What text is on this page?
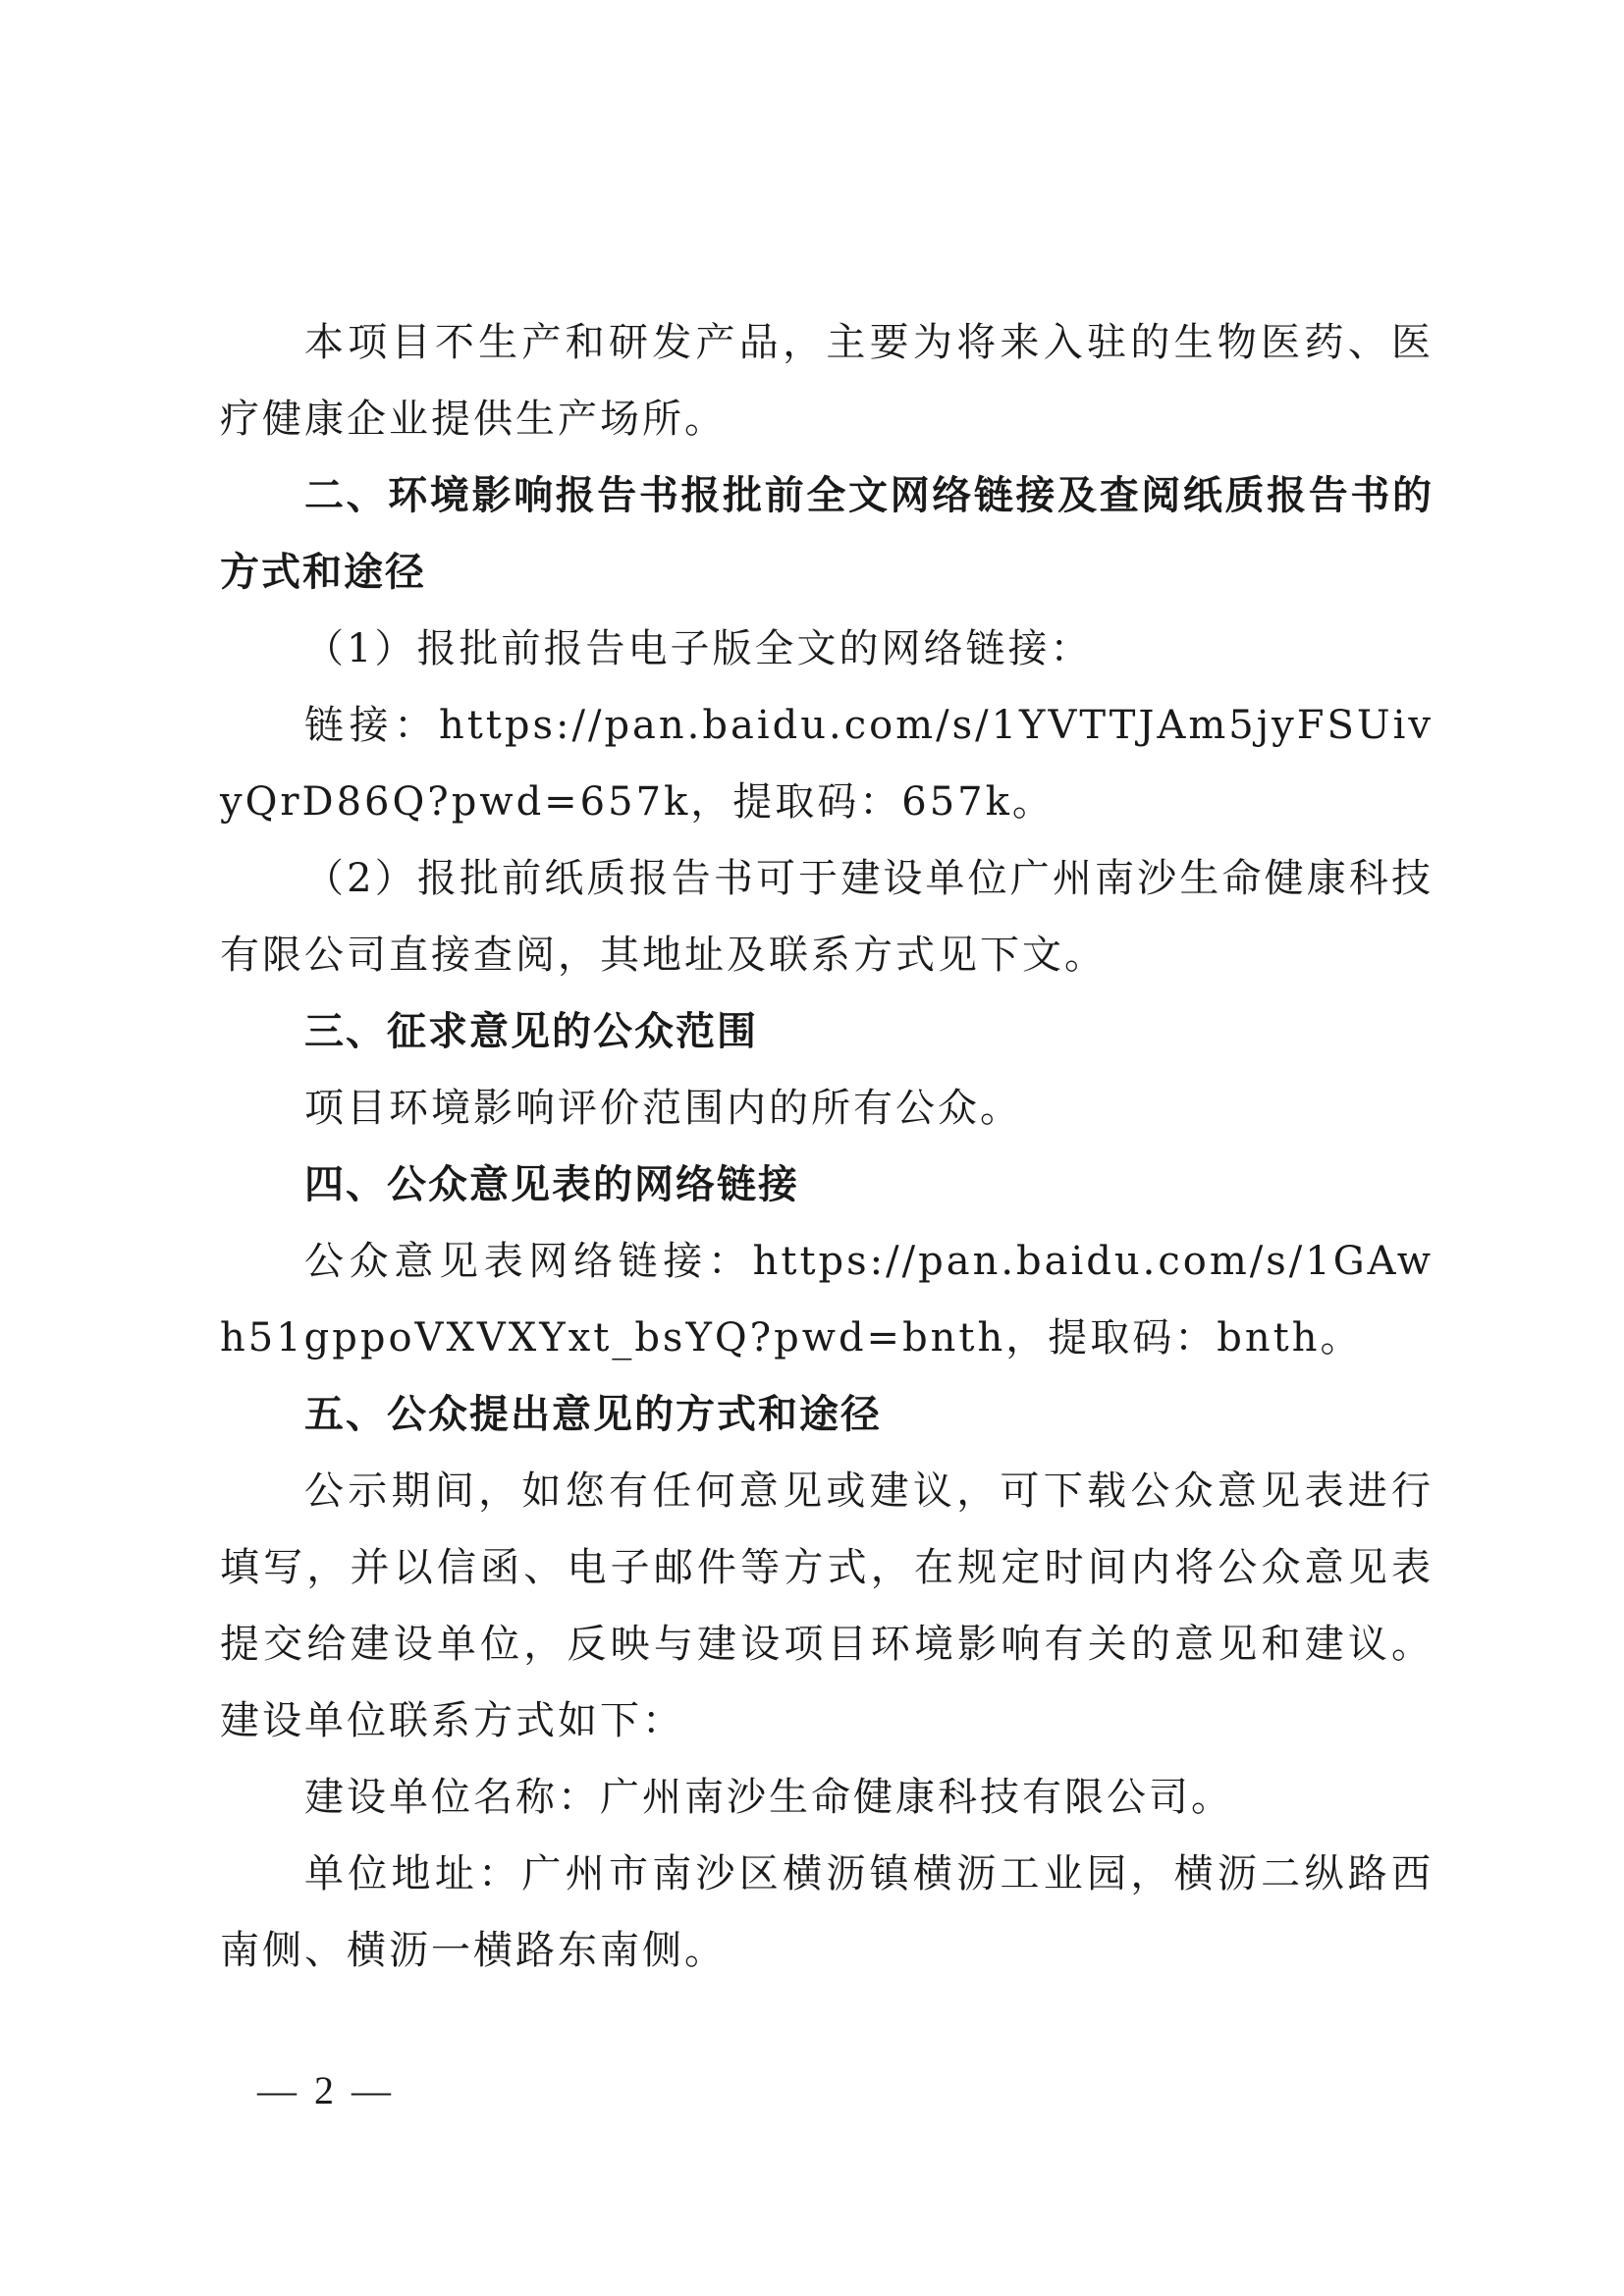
本项目不生产和研发产品，主要为将来入驻的生物医药、医疗健康企业提供生产场所。

二、环境影响报告书报批前全文网络链接及查阅纸质报告书的方式和途径

（1）报批前报告电子版全文的网络链接：

链接：https://pan.baidu.com/s/1YVTTJAm5jyFSUivyQrD86Q?pwd=657k，提取码：657k。

（2）报批前纸质报告书可于建设单位广州南沙生命健康科技有限公司直接查阅，其地址及联系方式见下文。

三、征求意见的公众范围

项目环境影响评价范围内的所有公众。

四、公众意见表的网络链接

公众意见表网络链接：https://pan.baidu.com/s/1GAwh51gppoVXVXYxt_bsYQ?pwd=bnth，提取码：bnth。

五、公众提出意见的方式和途径

公示期间，如您有任何意见或建议，可下载公众意见表进行填写，并以信函、电子邮件等方式，在规定时间内将公众意见表提交给建设单位，反映与建设项目环境影响有关的意见和建议。建设单位联系方式如下：

建设单位名称：广州南沙生命健康科技有限公司。

单位地址：广州市南沙区横沥镇横沥工业园，横沥二纵路西南侧、横沥一横路东南侧。

— 2 —
